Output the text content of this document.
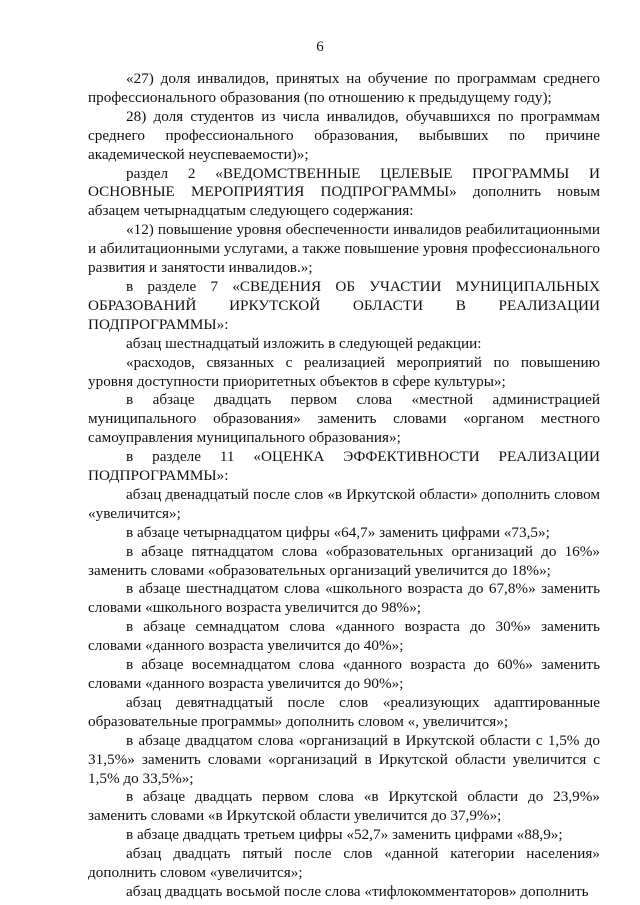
6

«27) доля инвалидов, принятых на обучение по программам среднего профессионального образования (по отношению к предыдущему году);

28) доля студентов из числа инвалидов, обучавшихся по программам среднего профессионального образования, выбывших по причине академической неуспеваемости)»;

раздел 2 «ВЕДОМСТВЕННЫЕ ЦЕЛЕВЫЕ ПРОГРАММЫ И ОСНОВНЫЕ МЕРОПРИЯТИЯ ПОДПРОГРАММЫ» дополнить новым абзацем четырнадцатым следующего содержания:

«12) повышение уровня обеспеченности инвалидов реабилитационными и абилитационными услугами, а также повышение уровня профессионального развития и занятости инвалидов.»;

в разделе 7 «СВЕДЕНИЯ ОБ УЧАСТИИ МУНИЦИПАЛЬНЫХ ОБРАЗОВАНИЙ ИРКУТСКОЙ ОБЛАСТИ В РЕАЛИЗАЦИИ ПОДПРОГРАММЫ»:

абзац шестнадцатый изложить в следующей редакции:

«расходов, связанных с реализацией мероприятий по повышению уровня доступности приоритетных объектов в сфере культуры»;

в абзаце двадцать первом слова «местной администрацией муниципального образования» заменить словами «органом местного самоуправления муниципального образования»;

в разделе 11 «ОЦЕНКА ЭФФЕКТИВНОСТИ РЕАЛИЗАЦИИ ПОДПРОГРАММЫ»:

абзац двенадцатый после слов «в Иркутской области» дополнить словом «увеличится»;

в абзаце четырнадцатом цифры «64,7» заменить цифрами «73,5»;

в абзаце пятнадцатом слова «образовательных организаций до 16%» заменить словами «образовательных организаций увеличится до 18%»;

в абзаце шестнадцатом слова «школьного возраста до 67,8%» заменить словами «школьного возраста увеличится до 98%»;

в абзаце семнадцатом слова «данного возраста до 30%» заменить словами «данного возраста увеличится до 40%»;

в абзаце восемнадцатом слова «данного возраста до 60%» заменить словами «данного возраста увеличится до 90%»;

абзац девятнадцатый после слов «реализующих адаптированные образовательные программы» дополнить словом «, увеличится»;

в абзаце двадцатом слова «организаций в Иркутской области с 1,5% до 31,5%» заменить словами «организаций в Иркутской области увеличится с 1,5% до 33,5%»;

в абзаце двадцать первом слова «в Иркутской области до 23,9%» заменить словами «в Иркутской области увеличится до 37,9%»;

в абзаце двадцать третьем цифры «52,7» заменить цифрами «88,9»;

абзац двадцать пятый после слов «данной категории населения» дополнить словом «увеличится»;

абзац двадцать восьмой после слова «тифлокомментаторов» дополнить
